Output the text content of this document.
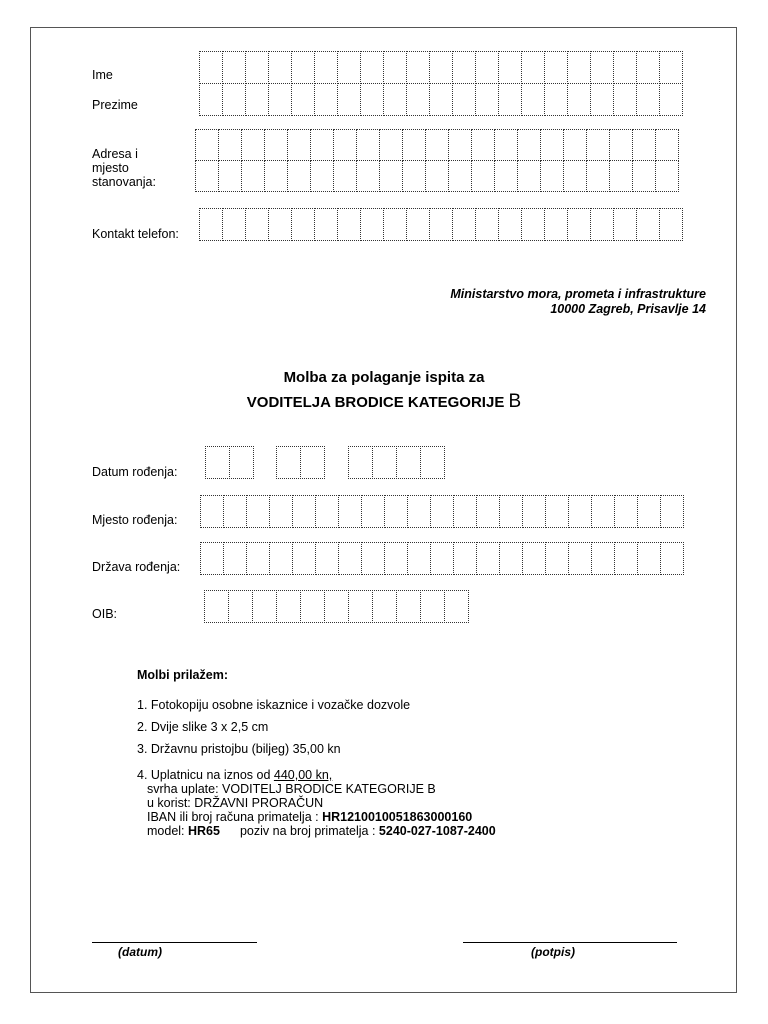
Ime
Prezime
Adresa i
mjesto
stanovanja:
Kontakt telefon:
Ministarstvo mora, prometa i infrastrukture
10000 Zagreb, Prisavlje 14
Molba za polaganje ispita za
VODITELJA BRODICE KATEGORIJE B
Datum rođenja:
Mjesto rođenja:
Država rođenja:
OIB:
Molbi prilažem:
1. Fotokopiju osobne iskaznice i vozačke dozvole
2. Dvije slike 3 x 2,5 cm
3. Državnu pristojbu (biljeg) 35,00 kn
4. Uplatnicu na iznos od 440,00 kn,
svrha uplate: VODITELJ BRODICE KATEGORIJE B
u korist: DRŽAVNI PRORAČUN
IBAN ili broj računa primatelja : HR1210010051863000160
model: HR65 poziv na broj primatelja : 5240-027-1087-2400
(datum)	(potpis)
